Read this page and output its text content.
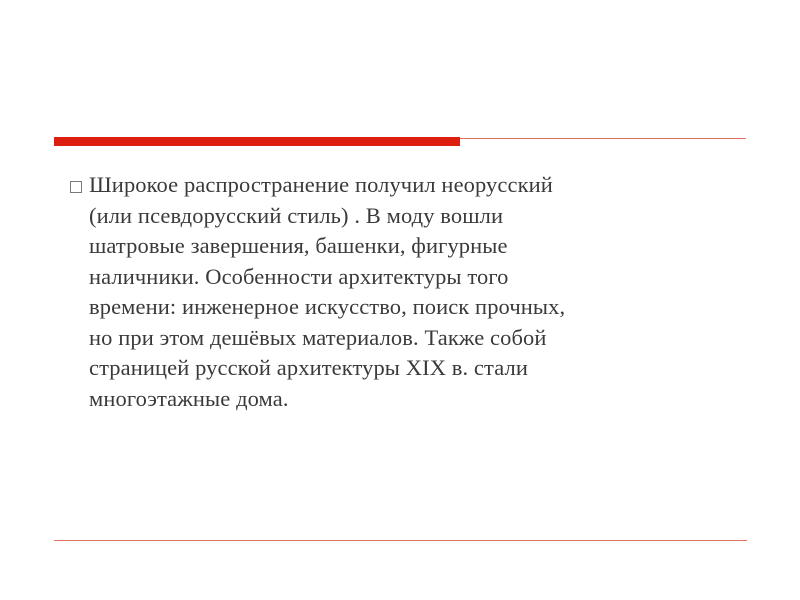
Широкое распространение получил неорусский
(или псевдорусский стиль) . В моду вошли
шатровые завершения, башенки, фигурные
наличники. Особенности архитектуры того
времени: инженерное искусство, поиск прочных,
но при этом дешёвых материалов. Также собой
страницей русской архитектуры XIX в. стали
многоэтажные дома.
